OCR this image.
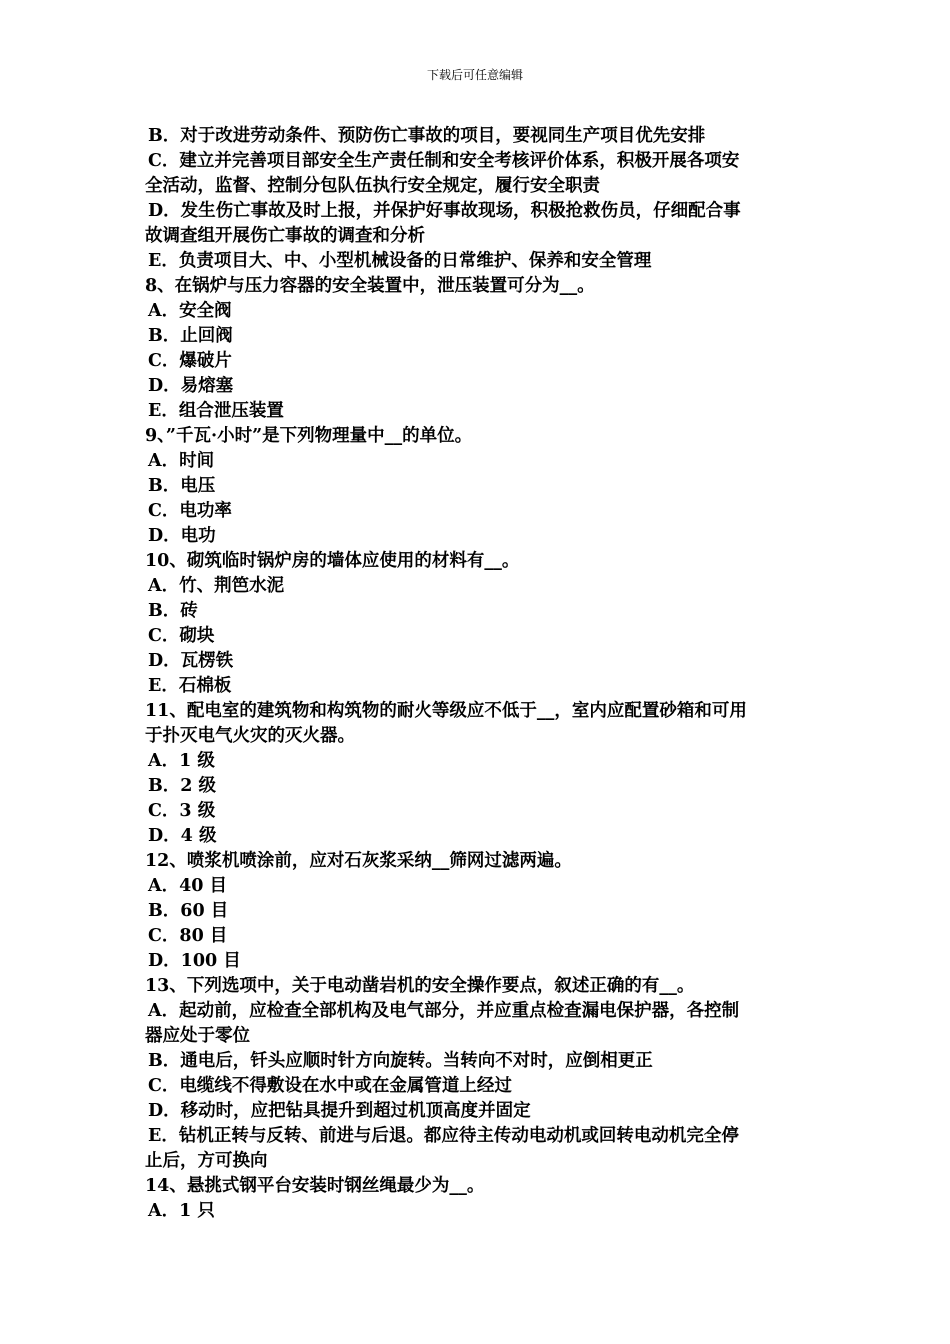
下载后可任意编辑
B．对于改进劳动条件、预防伤亡事故的项目，要视同生产项目优先安排
C．建立并完善项目部安全生产责任制和安全考核评价体系，积极开展各项安
全活动，监督、控制分包队伍执行安全规定，履行安全职责
D．发生伤亡事故及时上报，并保护好事故现场，积极抢救伤员，仔细配合事
故调查组开展伤亡事故的调查和分析
E．负责项目大、中、小型机械设备的日常维护、保养和安全管理
8、在锅炉与压力容器的安全装置中，泄压装置可分为__。
A．安全阀
B．止回阀
C．爆破片
D．易熔塞
E．组合泄压装置
9、”千瓦·小时”是下列物理量中__的单位。
A．时间
B．电压
C．电功率
D．电功
10、砌筑临时锅炉房的墙体应使用的材料有__。
A．竹、荆笆水泥
B．砖
C．砌块
D．瓦楞铁
E．石棉板
11、配电室的建筑物和构筑物的耐火等级应不低于__，室内应配置砂箱和可用
于扑灭电气火灾的灭火器。
A．1 级
B．2 级
C．3 级
D．4 级
12、喷浆机喷涂前，应对石灰浆采纳__筛网过滤两遍。
A．40 目
B．60 目
C．80 目
D．100 目
13、下列选项中，关于电动凿岩机的安全操作要点，叙述正确的有__。
A．起动前，应检查全部机构及电气部分，并应重点检查漏电保护器，各控制
器应处于零位
B．通电后，钎头应顺时针方向旋转。当转向不对时，应倒相更正
C．电缆线不得敷设在水中或在金属管道上经过
D．移动时，应把钻具提升到超过机顶高度并固定
E．钻机正转与反转、前进与后退。都应待主传动电动机或回转电动机完全停
止后，方可换向
14、悬挑式钢平台安装时钢丝绳最少为__。
A．1 只
